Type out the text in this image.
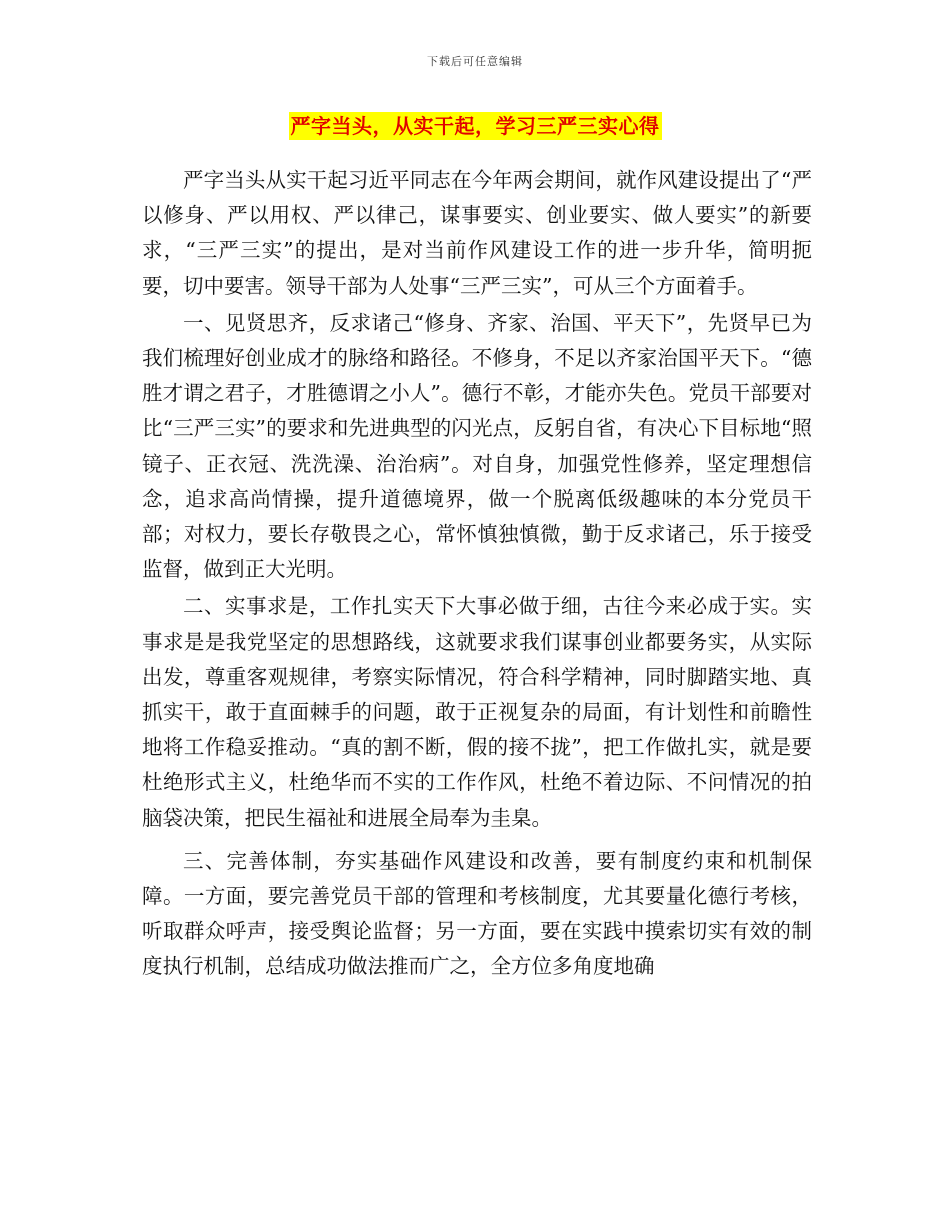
下载后可任意编辑
严字当头，从实干起，学习三严三实心得

严字当头从实干起习近平同志在今年两会期间，就作风建设提出了“严以修身、严以用权、严以律己，谋事要实、创业要实、做人要实”的新要求，“三严三实”的提出，是对当前作风建设工作的进一步升华，简明扼要，切中要害。领导干部为人处事“三严三实”，可从三个方面着手。

一、见贤思齐，反求诸己“修身、齐家、治国、平天下”，先贤早已为我们梳理好创业成才的脉络和路径。不修身，不足以齐家治国平天下。“德胜才谓之君子，才胜德谓之小人”。德行不彰，才能亦失色。党员干部要对比“三严三实”的要求和先进典型的闪光点，反躬自省，有决心下目标地“照镜子、正衣冠、洗洗澡、治治病”。对自身，加强党性修养，坚定理想信念，追求高尚情操，提升道德境界，做一个脱离低级趣味的本分党员干部；对权力，要长存敬畏之心，常怀慎独慎微，勤于反求诸己，乐于接受监督，做到正大光明。

二、实事求是，工作扎实天下大事必做于细，古往今来必成于实。实事求是是我党坚定的思想路线，这就要求我们谋事创业都要务实，从实际出发，尊重客观规律，考察实际情况，符合科学精神，同时脚踏实地、真抓实干，敢于直面棘手的问题，敢于正视复杂的局面，有计划性和前瞻性地将工作稳妥推动。“真的割不断，假的接不拢”，把工作做扎实，就是要杜绝形式主义，杜绝华而不实的工作作风，杜绝不着边际、不问情况的拍脑袋决策，把民生福祉和进展全局奉为圭臬。

三、完善体制，夯实基础作风建设和改善，要有制度约束和机制保障。一方面，要完善党员干部的管理和考核制度，尤其要量化德行考核，听取群众呼声，接受舆论监督；另一方面，要在实践中摸索切实有效的制度执行机制，总结成功做法推而广之，全方位多角度地确
